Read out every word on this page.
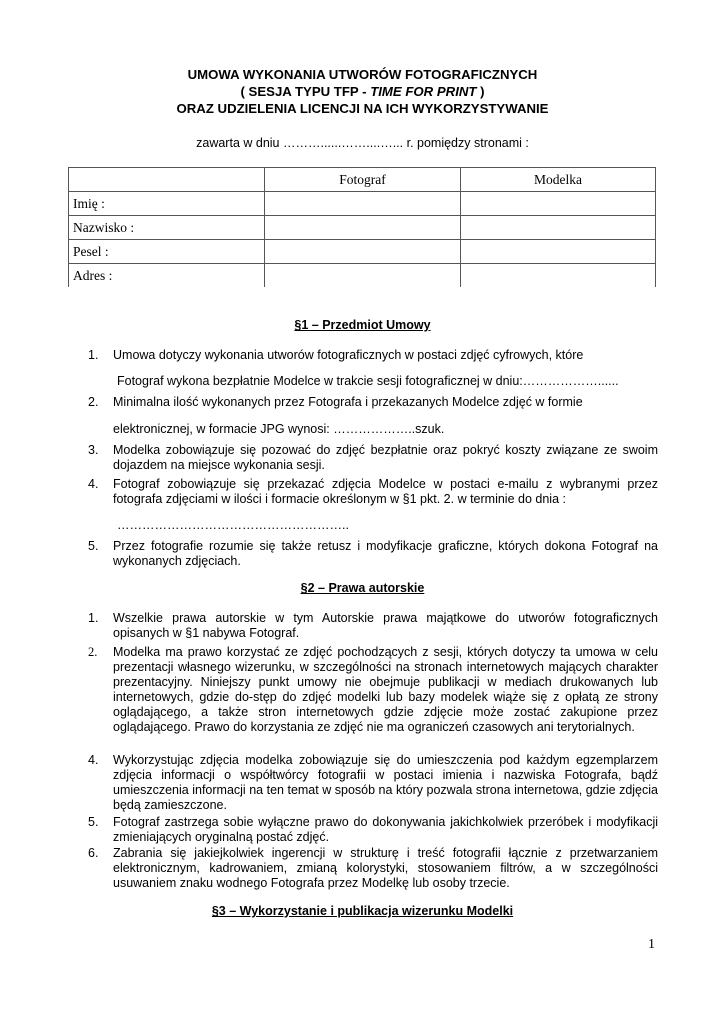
UMOWA WYKONANIA UTWORÓW FOTOGRAFICZNYCH
( SESJA TYPU TFP - TIME FOR PRINT )
ORAZ UDZIELENIA LICENCJI NA ICH WYKORZYSTYWANIE
zawarta w dniu ………......……....…... r. pomiędzy stronami :
	Fotograf	Modelka
Imię :		
Nazwisko :		
Pesel :		
Adres :		
§1 – Przedmiot Umowy
1.	Umowa dotyczy wykonania utworów fotograficznych w postaci zdjęć cyfrowych, które
Fotograf wykona bezpłatnie Modelce w trakcie sesji fotograficznej w dniu:………………......
2.	Minimalna ilość wykonanych przez Fotografa i przekazanych Modelce zdjęć w formie
elektronicznej, w formacie JPG wynosi: ………………..szuk.
3.	Modelka zobowiązuje się pozować do zdjęć bezpłatnie oraz pokryć koszty związane ze swoim dojazdem na miejsce wykonania sesji.
4.	Fotograf zobowiązuje się przekazać zdjęcia Modelce w postaci e-mailu z wybranymi przez fotografa zdjęciami w ilości i formacie określonym w §1 pkt. 2. w terminie do dnia :
………………………………………………..
5.	Przez fotografie rozumie się także retusz i modyfikacje graficzne, których dokona Fotograf na wykonanych zdjęciach.
§2 – Prawa autorskie
1.	Wszelkie prawa autorskie w tym Autorskie prawa majątkowe do utworów fotograficznych opisanych w §1 nabywa Fotograf.
2.	Modelka ma prawo korzystać ze zdjęć pochodzących z sesji, których dotyczy ta umowa w celu prezentacji własnego wizerunku, w szczególności na stronach internetowych mających charakter prezentacyjny. Niniejszy punkt umowy nie obejmuje publikacji w mediach drukowanych lub internetowych, gdzie do-stęp do zdjęć modelki lub bazy modelek wiąże się z opłatą ze strony oglądającego, a także stron internetowych gdzie zdjęcie może zostać zakupione przez oglądającego. Prawo do korzystania ze zdjęć nie ma ograniczeń czasowych ani terytorialnych.
4.	Wykorzystując zdjęcia modelka zobowiązuje się do umieszczenia pod każdym egzemplarzem zdjęcia informacji o współtwórcy fotografii w postaci imienia i nazwiska Fotografa, bądź umieszczenia informacji na ten temat w sposób na który pozwala strona internetowa, gdzie zdjęcia będą zamieszczone.
5.	Fotograf zastrzega sobie wyłączne prawo do dokonywania jakichkolwiek przeróbek i modyfikacji zmieniających oryginalną postać zdjęć.
6.	Zabrania się jakiejkolwiek ingerencji w strukturę i treść fotografii łącznie z przetwarzaniem elektronicznym, kadrowaniem, zmianą kolorystyki, stosowaniem filtrów, a w szczególności usuwaniem znaku wodnego Fotografa przez Modelkę lub osoby trzecie.
§3 – Wykorzystanie i publikacja wizerunku Modelki
1
